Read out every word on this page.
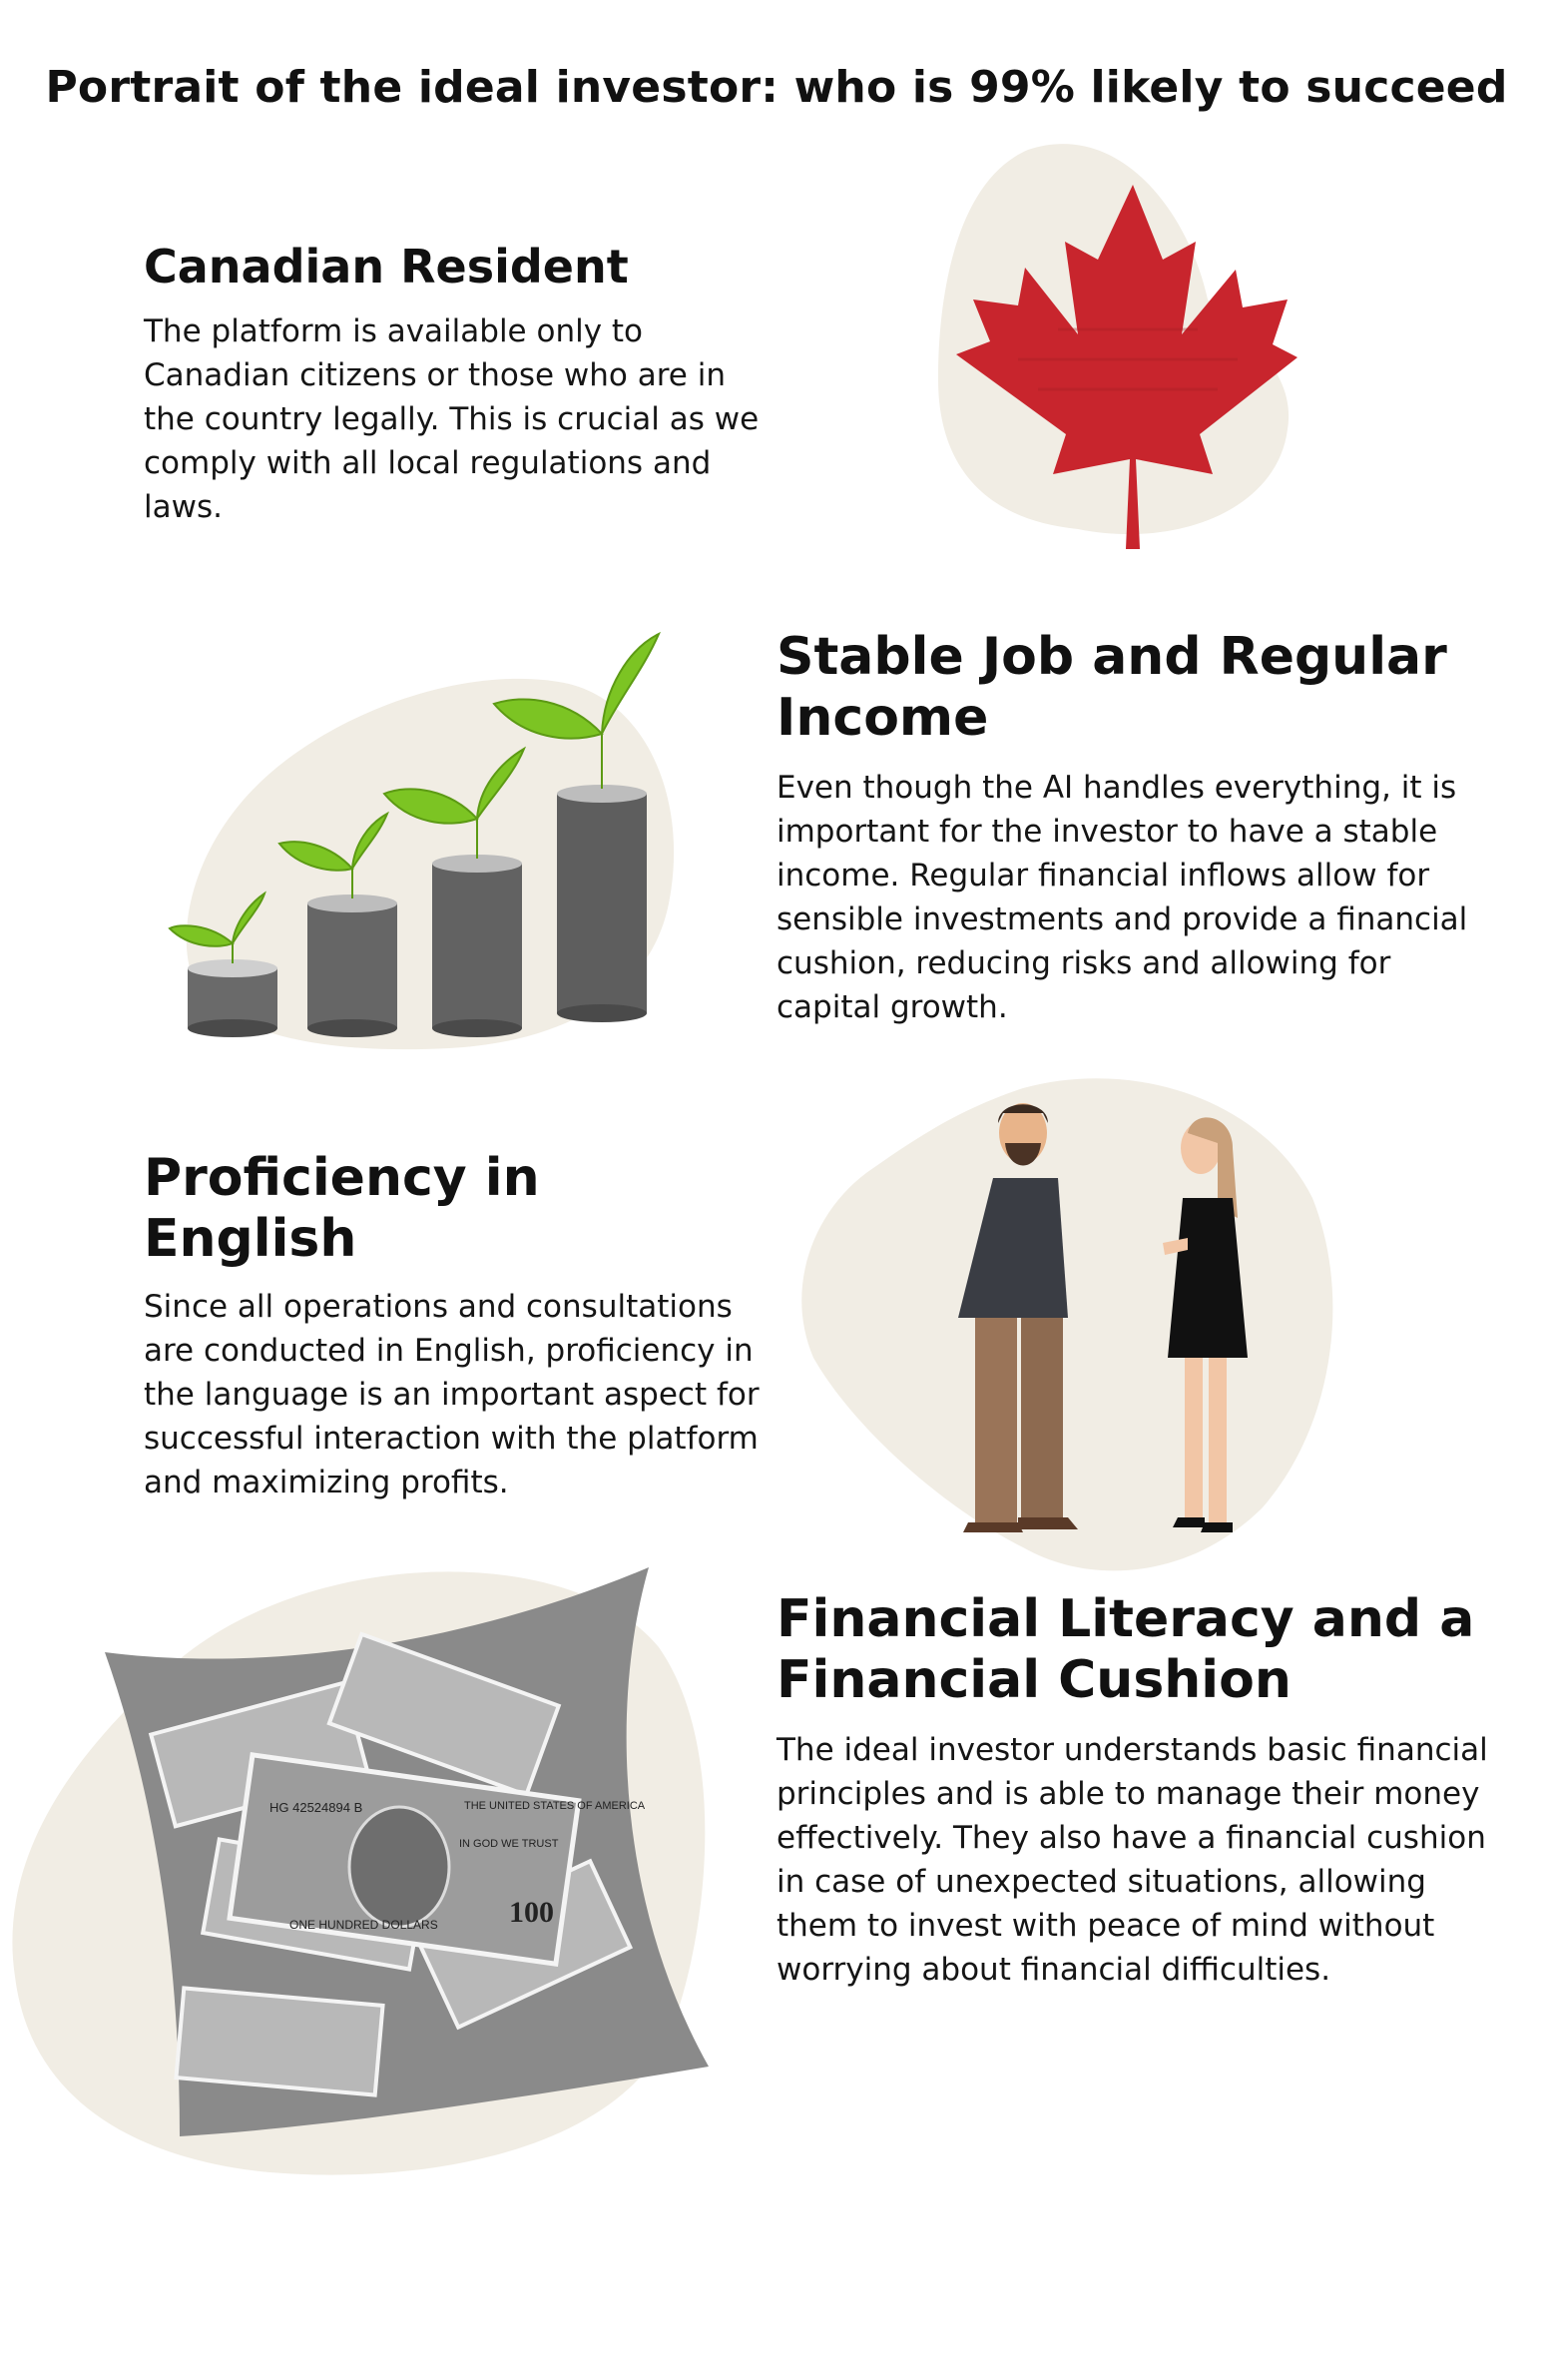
Portrait of the ideal investor: who is 99% likely to succeed
Canadian Resident

The platform is available only to Canadian citizens or those who are in the country legally. This is crucial as we comply with all local regulations and laws.

Stable Job and Regular Income

Even though the AI handles everything, it is important for the investor to have a stable income. Regular financial inflows allow for sensible investments and provide a financial cushion, reducing risks and allowing for capital growth.

Proficiency in English

Since all operations and consultations are conducted in English, proficiency in the language is an important aspect for successful interaction with the platform and maximizing profits.

Financial Literacy and a Financial Cushion

The ideal investor understands basic financial principles and is able to manage their money effectively. They also have a financial cushion in case of unexpected situations, allowing them to invest with peace of mind without worrying about financial difficulties.

HG 42524894 B	THE UNITED STATES OF AMERICA
IN GOD WE TRUST
ONE HUNDRED DOLLARS 100
